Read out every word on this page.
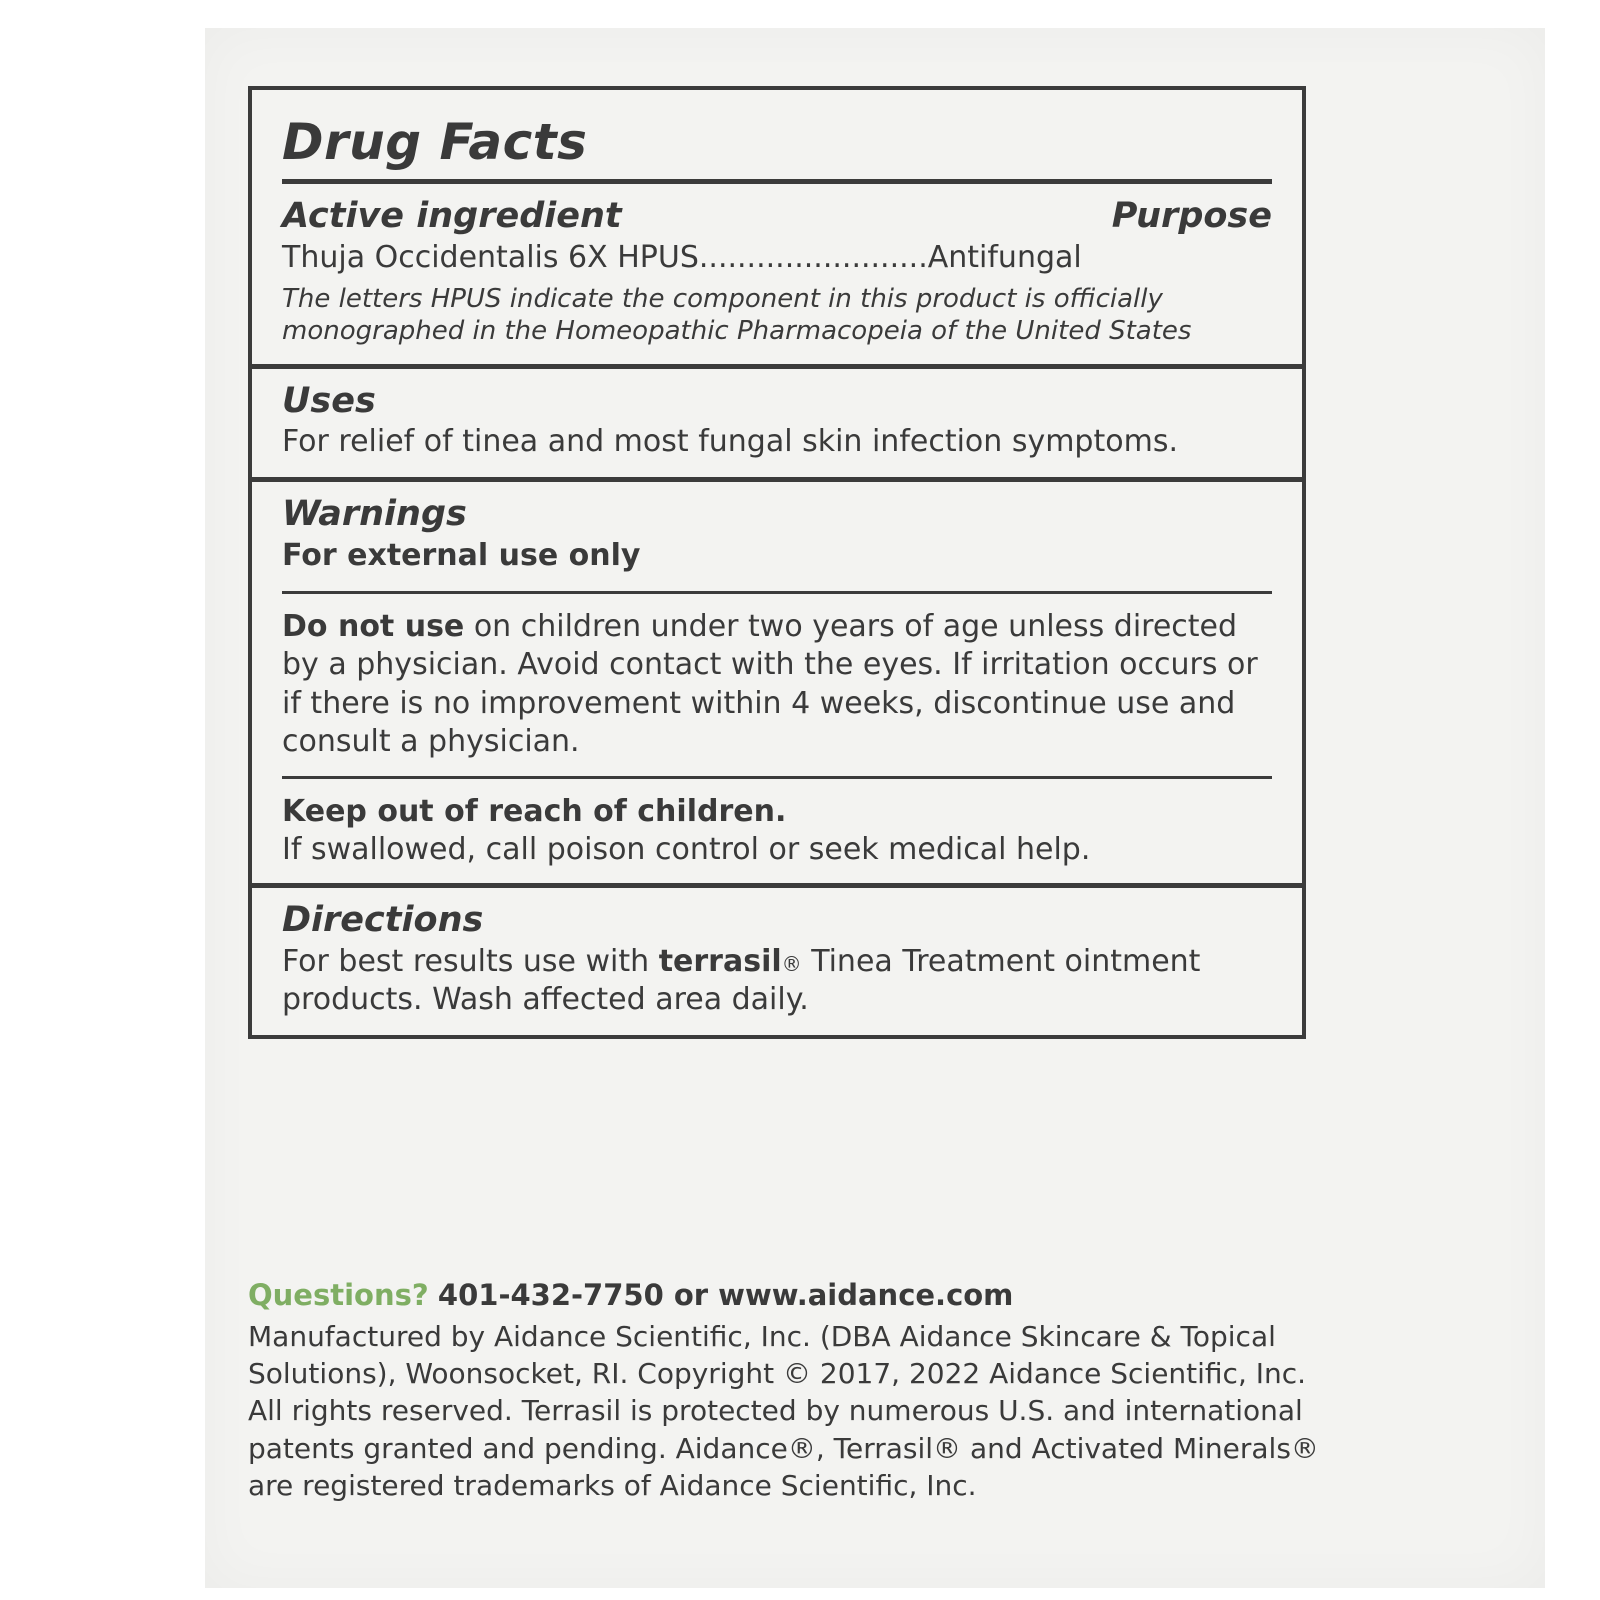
Drug Facts
Active ingredient	Purpose
Thuja Occidentalis 6X HPUS........................Antifungal
The letters HPUS indicate the component in this product is officially monographed in the Homeopathic Pharmacopeia of the United States
Uses
For relief of tinea and most fungal skin infection symptoms.
Warnings
For external use only
Do not use on children under two years of age unless directed by a physician. Avoid contact with the eyes. If irritation occurs or if there is no improvement within 4 weeks, discontinue use and consult a physician.
Keep out of reach of children.
If swallowed, call poison control or seek medical help.
Directions
For best results use with terrasil® Tinea Treatment ointment products. Wash affected area daily.
Questions? 401-432-7750 or www.aidance.com
Manufactured by Aidance Scientific, Inc. (DBA Aidance Skincare & Topical Solutions), Woonsocket, RI. Copyright © 2017, 2022 Aidance Scientific, Inc. All rights reserved. Terrasil is protected by numerous U.S. and international patents granted and pending. Aidance®, Terrasil® and Activated Minerals® are registered trademarks of Aidance Scientific, Inc.
